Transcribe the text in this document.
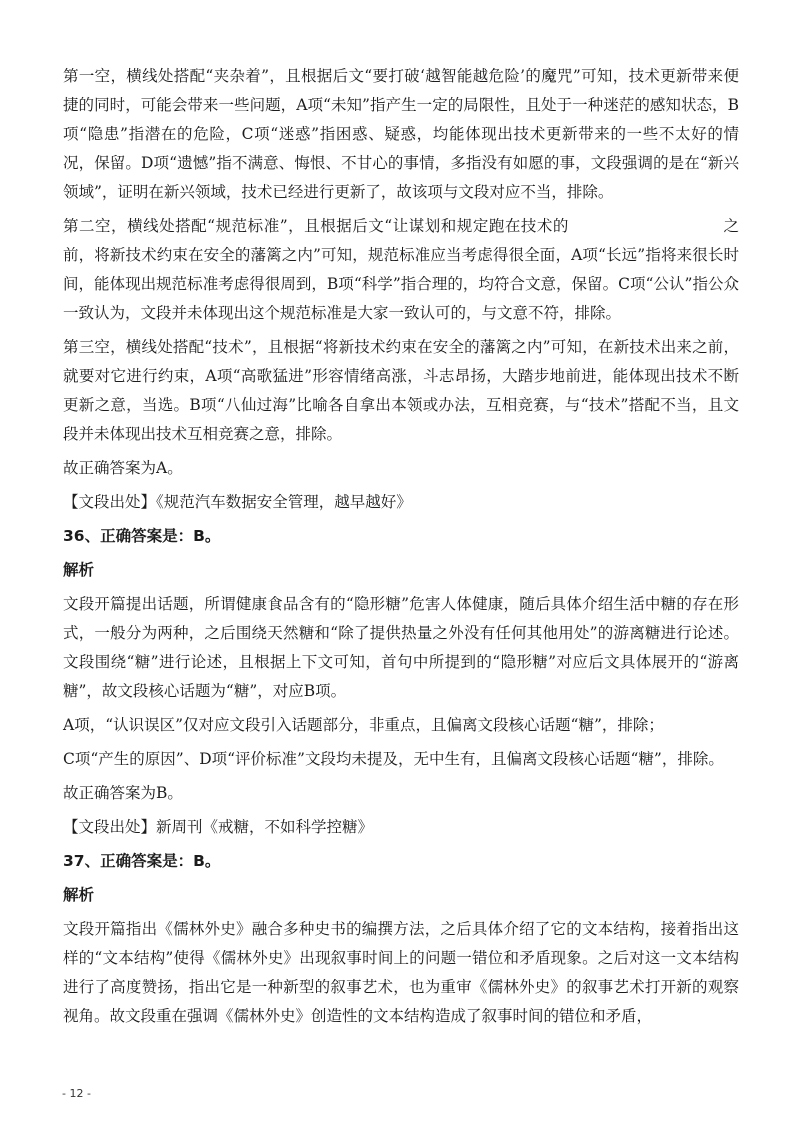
第一空，横线处搭配“夹杂着”，且根据后文“要打破‘越智能越危险’的魔咒”可知，技术更新带来便捷的同时，可能会带来一些问题，A项“未知”指产生一定的局限性，且处于一种迷茫的感知状态，B项“隐患”指潜在的危险，C项“迷惑”指困惑、疑惑，均能体现出技术更新带来的一些不太好的情况，保留。D项“遗憾”指不满意、悔恨、不甘心的事情，多指没有如愿的事，文段强调的是在“新兴领域”，证明在新兴领域，技术已经进行更新了，故该项与文段对应不当，排除。

第二空，横线处搭配“规范标准”，且根据后文“让谋划和规定跑在技术的	之前，将新技术约束在安全的藩篱之内”可知，规范标准应当考虑得很全面，A项“长远”指将来很长时间，能体现出规范标准考虑得很周到，B项“科学”指合理的，均符合文意，保留。C项“公认”指公众一致认为，文段并未体现出这个规范标准是大家一致认可的，与文意不符，排除。

第三空，横线处搭配“技术”，且根据“将新技术约束在安全的藩篱之内”可知，在新技术出来之前，就要对它进行约束，A项“高歌猛进”形容情绪高涨，斗志昂扬，大踏步地前进，能体现出技术不断更新之意，当选。B项“八仙过海”比喻各自拿出本领或办法，互相竞赛，与“技术”搭配不当，且文段并未体现出技术互相竞赛之意，排除。

故正确答案为A。

【文段出处】《规范汽车数据安全管理，越早越好》

36、正确答案是：B。

解析

文段开篇提出话题，所谓健康食品含有的“隐形糖”危害人体健康，随后具体介绍生活中糖的存在形式，一般分为两种，之后围绕天然糖和“除了提供热量之外没有任何其他用处”的游离糖进行论述。文段围绕“糖”进行论述，且根据上下文可知，首句中所提到的“隐形糖”对应后文具体展开的“游离糖”，故文段核心话题为“糖”，对应B项。

A项，“认识误区”仅对应文段引入话题部分，非重点，且偏离文段核心话题“糖”，排除；

C项“产生的原因”、D项“评价标准”文段均未提及，无中生有，且偏离文段核心话题“糖”，排除。

故正确答案为B。

【文段出处】新周刊《戒糖，不如科学控糖》

37、正确答案是：B。

解析

文段开篇指出《儒林外史》融合多种史书的编撰方法，之后具体介绍了它的文本结构，接着指出这样的“文本结构”使得《儒林外史》出现叙事时间上的问题一错位和矛盾现象。之后对这一文本结构进行了高度赞扬，指出它是一种新型的叙事艺术，也为重审《儒林外史》的叙事艺术打开新的观察视角。故文段重在强调《儒林外史》创造性的文本结构造成了叙事时间的错位和矛盾，

- 12 -
